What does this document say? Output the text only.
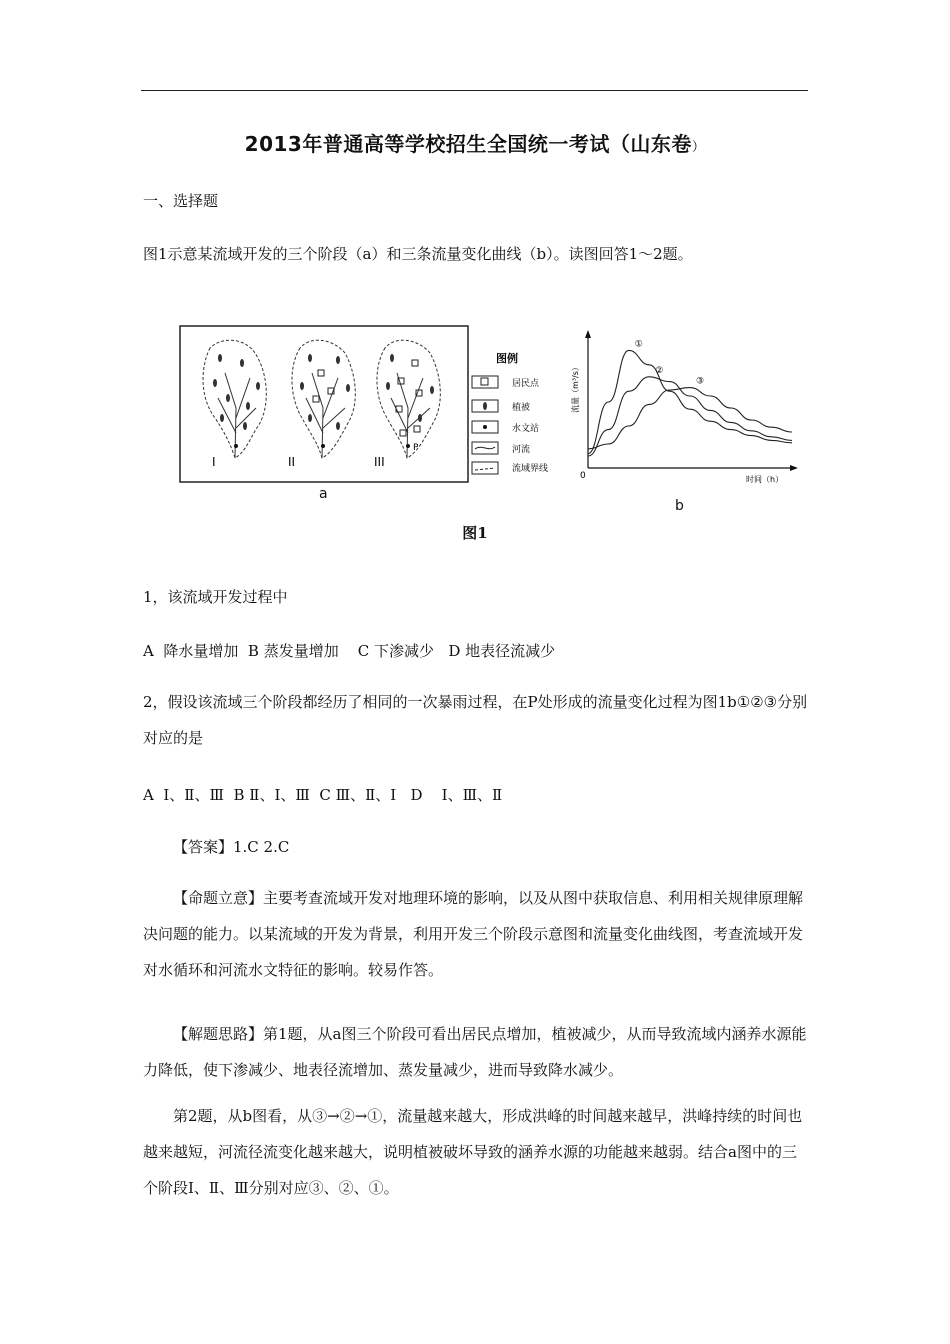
2013年普通高等学校招生全国统一考试（山东卷）
一、选择题
图1示意某流域开发的三个阶段（a）和三条流量变化曲线（b）。读图回答1～2题。
I	II
P
III
图例
居民点
植被
水文站
河流
流域界线
流量（m³/s）
时间（h）
0
①
②
③
a
b
图1
1，该流域开发过程中
A  降水量增加  B 蒸发量增加    C 下渗减少   D 地表径流减少
2，假设该流域三个阶段都经历了相同的一次暴雨过程，在P处形成的流量变化过程为图1b①②③分别对应的是
A  Ⅰ、Ⅱ、Ⅲ  B Ⅱ、Ⅰ、Ⅲ  C Ⅲ、Ⅱ、Ⅰ   D    Ⅰ、Ⅲ、Ⅱ
【答案】1.C 2.C
【命题立意】主要考查流域开发对地理环境的影响，以及从图中获取信息、利用相关规律原理解决问题的能力。以某流域的开发为背景，利用开发三个阶段示意图和流量变化曲线图，考查流域开发对水循环和河流水文特征的影响。较易作答。
【解题思路】第1题，从a图三个阶段可看出居民点增加，植被减少，从而导致流域内涵养水源能力降低，使下渗减少、地表径流增加、蒸发量减少，进而导致降水减少。
第2题，从b图看，从③→②→①，流量越来越大，形成洪峰的时间越来越早，洪峰持续的时间也越来越短，河流径流变化越来越大，说明植被破坏导致的涵养水源的功能越来越弱。结合a图中的三个阶段Ⅰ、Ⅱ、Ⅲ分别对应③、②、①。
